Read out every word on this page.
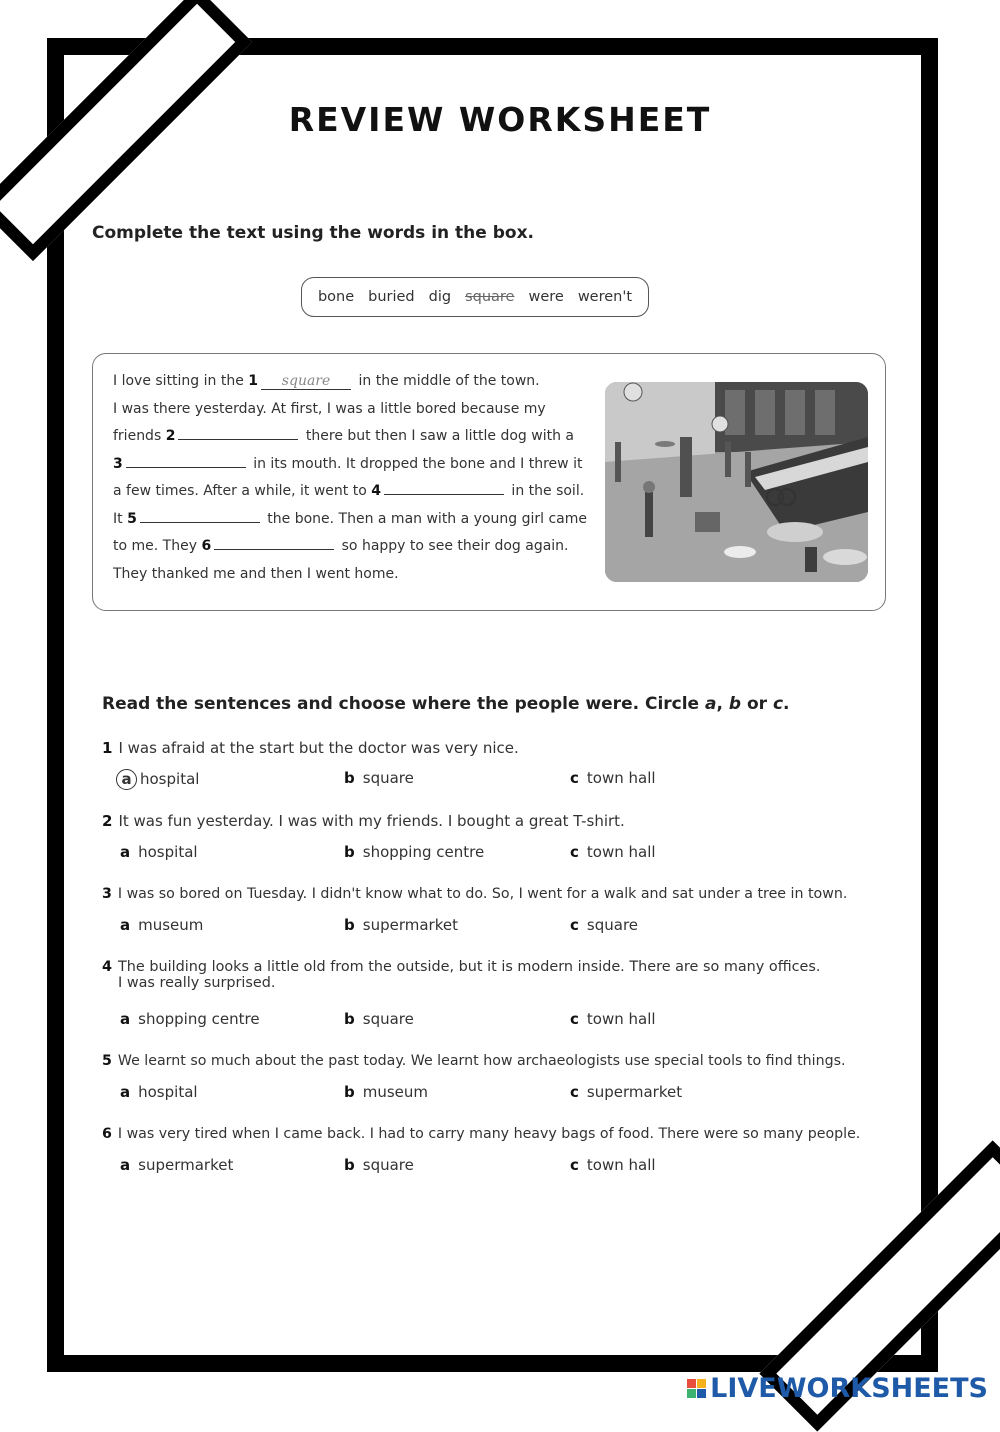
REVIEW WORKSHEET
Complete the text using the words in the box.
bone buried dig square were weren't
I love sitting in the 1 square in the middle of the town.
I was there yesterday. At first, I was a little bored because my
friends 2	there but then I saw a little dog with a
3	in its mouth. It dropped the bone and I threw it
a few times. After a while, it went to 4	in the soil.
It 5	the bone. Then a man with a young girl came
to me. They 6	so happy to see their dog again.
They thanked me and then I went home.
Read the sentences and choose where the people were. Circle a, b or c.
1 I was afraid at the start but the doctor was very nice.
a hospital	b square	c town hall
2 It was fun yesterday. I was with my friends. I bought a great T-shirt.
a hospital	b shopping centre	c town hall
3 I was so bored on Tuesday. I didn't know what to do. So, I went for a walk and sat under a tree in town.
a museum	b supermarket	c square
4 The building looks a little old from the outside, but it is modern inside. There are so many offices.
I was really surprised.
a shopping centre	b square	c town hall
5 We learnt so much about the past today. We learnt how archaeologists use special tools to find things.
a hospital	b museum	c supermarket
6 I was very tired when I came back. I had to carry many heavy bags of food. There were so many people.
a supermarket	b square	c town hall
LIVEWORKSHEETS
